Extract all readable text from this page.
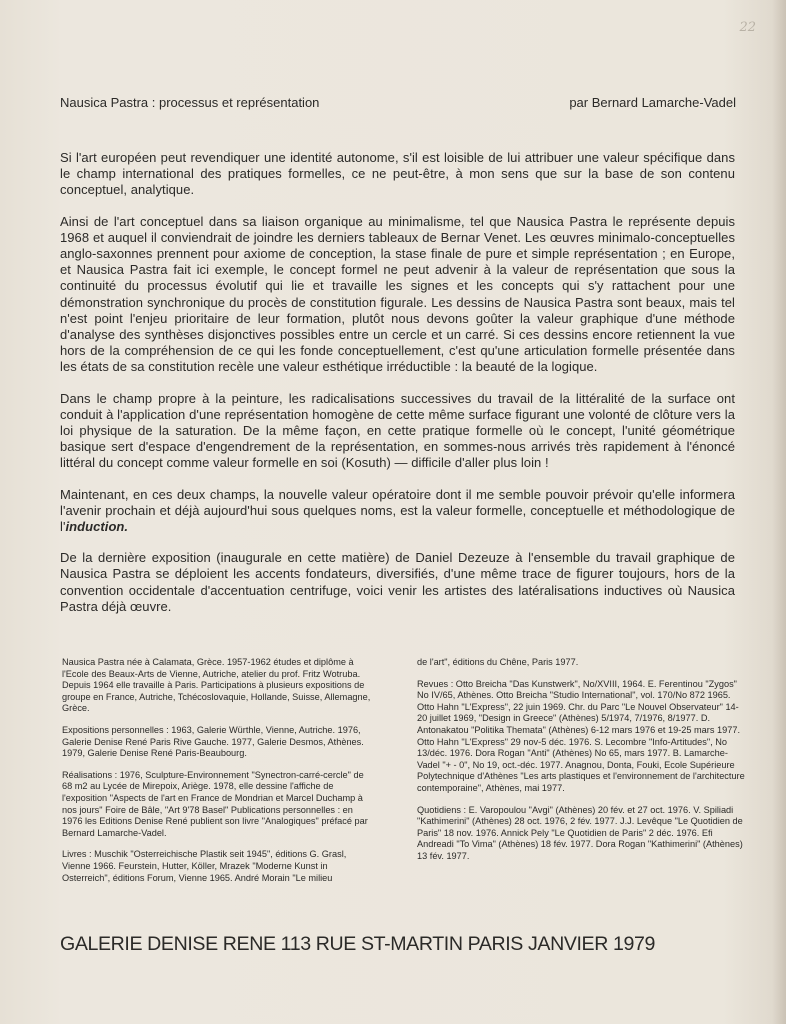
22
Nausica Pastra : processus et représentation	par Bernard Lamarche-Vadel

Si l'art européen peut revendiquer une identité autonome, s'il est loisible de lui attribuer une valeur spécifique dans le champ international des pratiques formelles, ce ne peut-être, à mon sens que sur la base de son contenu conceptuel, analytique.

Ainsi de l'art conceptuel dans sa liaison organique au minimalisme, tel que Nausica Pastra le représente depuis 1968 et auquel il conviendrait de joindre les derniers tableaux de Bernar Venet. Les œuvres minimalo-conceptuelles anglo-saxonnes prennent pour axiome de conception, la stase finale de pure et simple représentation ; en Europe, et Nausica Pastra fait ici exemple, le concept formel ne peut advenir à la valeur de représentation que sous la continuité du processus évolutif qui lie et travaille les signes et les concepts qui s'y rattachent pour une démonstration synchronique du procès de constitution figurale. Les dessins de Nausica Pastra sont beaux, mais tel n'est point l'enjeu prioritaire de leur formation, plutôt nous devons goûter la valeur graphique d'une méthode d'analyse des synthèses disjonctives possibles entre un cercle et un carré. Si ces dessins encore retiennent la vue hors de la compréhension de ce qui les fonde conceptuellement, c'est qu'une articulation formelle présentée dans les états de sa constitution recèle une valeur esthétique irréductible : la beauté de la logique.

Dans le champ propre à la peinture, les radicalisations successives du travail de la littéralité de la surface ont conduit à l'application d'une représentation homogène de cette même surface figurant une volonté de clôture vers la loi physique de la saturation. De la même façon, en cette pratique formelle où le concept, l'unité géométrique basique sert d'espace d'engendrement de la représentation, en sommes-nous arrivés très rapidement à l'énoncé littéral du concept comme valeur formelle en soi (Kosuth) — difficile d'aller plus loin !

Maintenant, en ces deux champs, la nouvelle valeur opératoire dont il me semble pouvoir prévoir qu'elle informera l'avenir prochain et déjà aujourd'hui sous quelques noms, est la valeur formelle, conceptuelle et méthodologique de l'induction.

De la dernière exposition (inaugurale en cette matière) de Daniel Dezeuze à l'ensemble du travail graphique de Nausica Pastra se déploient les accents fondateurs, diversifiés, d'une même trace de figurer toujours, hors de la convention occidentale d'accentuation centrifuge, voici venir les artistes des latéralisations inductives où Nausica Pastra déjà œuvre.

Nausica Pastra née à Calamata, Grèce. 1957-1962 études et diplôme à l'Ecole des Beaux-Arts de Vienne, Autriche, atelier du prof. Fritz Wotruba. Depuis 1964 elle travaille à Paris. Participations à plusieurs expositions de groupe en France, Autriche, Tchécoslovaquie, Hollande, Suisse, Allemagne, Grèce.

Expositions personnelles : 1963, Galerie Würthle, Vienne, Autriche. 1976, Galerie Denise René Paris Rive Gauche. 1977, Galerie Desmos, Athènes. 1979, Galerie Denise René Paris-Beaubourg.

Réalisations : 1976, Sculpture-Environnement "Synectron-carré-cercle" de 68 m2 au Lycée de Mirepoix, Ariège. 1978, elle dessine l'affiche de l'exposition "Aspects de l'art en France de Mondrian et Marcel Duchamp à nos jours" Foire de Bâle, "Art 9'78 Basel" Publications personnelles : en 1976 les Editions Denise René publient son livre "Analogiques" préfacé par Bernard Lamarche-Vadel.

Livres : Muschik "Osterreichische Plastik seit 1945", éditions G. Grasl, Vienne 1966. Feurstein, Hutter, Köller, Mrazek "Moderne Kunst in Osterreich", éditions Forum, Vienne 1965. André Morain "Le milieu

de l'art", éditions du Chêne, Paris 1977.

Revues : Otto Breicha "Das Kunstwerk", No/XVIII, 1964. E. Ferentinou "Zygos" No IV/65, Athènes. Otto Breicha "Studio International", vol. 170/No 872 1965. Otto Hahn "L'Express", 22 juin 1969. Chr. du Parc "Le Nouvel Observateur" 14-20 juillet 1969, "Design in Greece" (Athènes) 5/1974, 7/1976, 8/1977. D. Antonakatou "Politika Themata" (Athènes) 6-12 mars 1976 et 19-25 mars 1977. Otto Hahn "L'Express" 29 nov-5 déc. 1976. S. Lecombre "Info-Artitudes", No 13/déc. 1976. Dora Rogan "Anti" (Athènes) No 65, mars 1977. B. Lamarche-Vadel "+ - 0", No 19, oct.-déc. 1977. Anagnou, Donta, Fouki, Ecole Supérieure Polytechnique d'Athènes "Les arts plastiques et l'environnement de l'architecture contemporaine", Athènes, mai 1977.

Quotidiens : E. Varopoulou "Avgi" (Athènes) 20 fév. et 27 oct. 1976. V. Spiliadi "Kathimerini" (Athènes) 28 oct. 1976, 2 fév. 1977. J.J. Levêque "Le Quotidien de Paris" 18 nov. 1976. Annick Pely "Le Quotidien de Paris" 2 déc. 1976. Efi Andreadi "To Vima" (Athènes) 18 fév. 1977. Dora Rogan "Kathimerini" (Athènes) 13 fév. 1977.

GALERIE DENISE RENE 113 RUE ST-MARTIN PARIS JANVIER 1979
